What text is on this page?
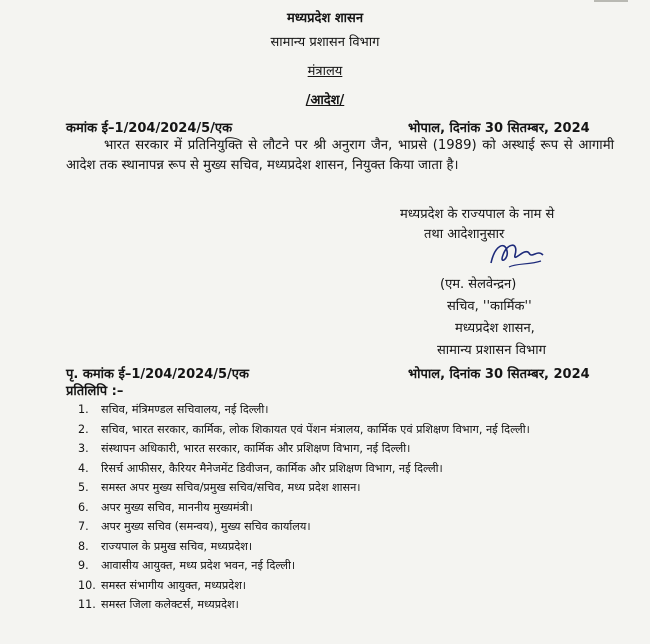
मध्यप्रदेश शासन
सामान्य प्रशासन विभाग
मंत्रालय
/आदेश/
कमांक ई–1/204/2024/5/एक	भोपाल, दिनांक 30 सितम्बर, 2024
भारत सरकार में प्रतिनियुक्ति से लौटने पर श्री अनुराग जैन, भाप्रसे (1989) को अस्थाई रूप से आगामी आदेश तक स्थानापन्न रूप से मुख्य सचिव, मध्यप्रदेश शासन, नियुक्त किया जाता है।
मध्यप्रदेश के राज्यपाल के नाम से
तथा आदेशानुसार
(एम. सेलवेन्द्रन)
सचिव, ''कार्मिक''
मध्यप्रदेश शासन,
सामान्य प्रशासन विभाग
पृ. कमांक ई–1/204/2024/5/एक	भोपाल, दिनांक 30 सितम्बर, 2024
प्रतिलिपि :–
1. सचिव, मंत्रिमण्डल सचिवालय, नई दिल्ली।
2. सचिव, भारत सरकार, कार्मिक, लोक शिकायत एवं पेंशन मंत्रालय, कार्मिक एवं प्रशिक्षण विभाग, नई दिल्ली।
3. संस्थापन अधिकारी, भारत सरकार, कार्मिक और प्रशिक्षण विभाग, नई दिल्ली।
4. रिसर्च आफीसर, कैरियर मैनेजमेंट डिवीजन, कार्मिक और प्रशिक्षण विभाग, नई दिल्ली।
5. समस्त अपर मुख्य सचिव/प्रमुख सचिव/सचिव, मध्य प्रदेश शासन।
6. अपर मुख्य सचिव, माननीय मुख्यमंत्री।
7. अपर मुख्य सचिव (समन्वय), मुख्य सचिव कार्यालय।
8. राज्यपाल के प्रमुख सचिव, मध्यप्रदेश।
9. आवासीय आयुक्त, मध्य प्रदेश भवन, नई दिल्ली।
10. समस्त संभागीय आयुक्त, मध्यप्रदेश।
11. समस्त जिला कलेक्टर्स, मध्यप्रदेश।
